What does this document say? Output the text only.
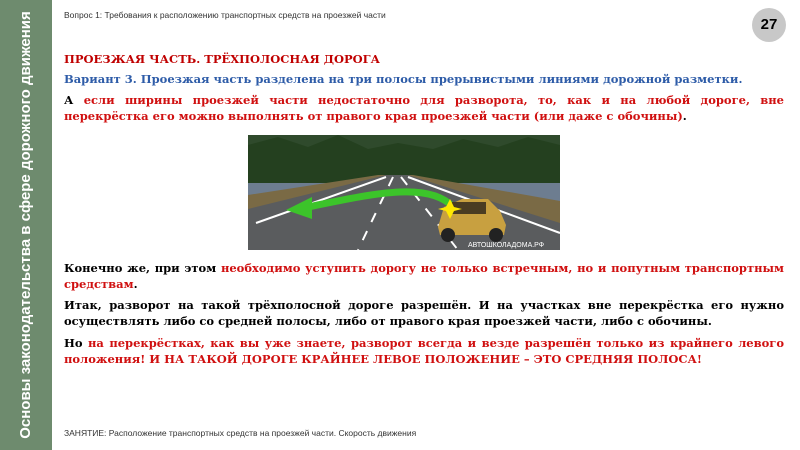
Основы законодательства в сфере дорожного движения	Вопрос 1: Требования к расположению транспортных средств на проезжей части
27
ПРОЕЗЖАЯ ЧАСТЬ. ТРЁХПОЛОСНАЯ ДОРОГА
Вариант 3. Проезжая часть разделена на три полосы прерывистыми линиями дорожной разметки.
А если ширины проезжей части недостаточно для разворота, то, как и на любой дороге, вне перекрёстка его можно выполнять от правого края проезжей части (или даже с обочины).
АВТОШКОЛАДОМА.РФ
Конечно же, при этом необходимо уступить дорогу не только встречным, но и попутным транспортным средствам.
Итак, разворот на такой трёхполосной дороге разрешён. И на участках вне перекрёстка его нужно осуществлять либо со средней полосы, либо от правого края проезжей части, либо с обочины.
Но на перекрёстках, как вы уже знаете, разворот всегда и везде разрешён только из крайнего левого положения! И НА ТАКОЙ ДОРОГЕ КРАЙНЕЕ ЛЕВОЕ ПОЛОЖЕНИЕ – ЭТО СРЕДНЯЯ ПОЛОСА!
ЗАНЯТИЕ: Расположение транспортных средств на проезжей части. Скорость движения
